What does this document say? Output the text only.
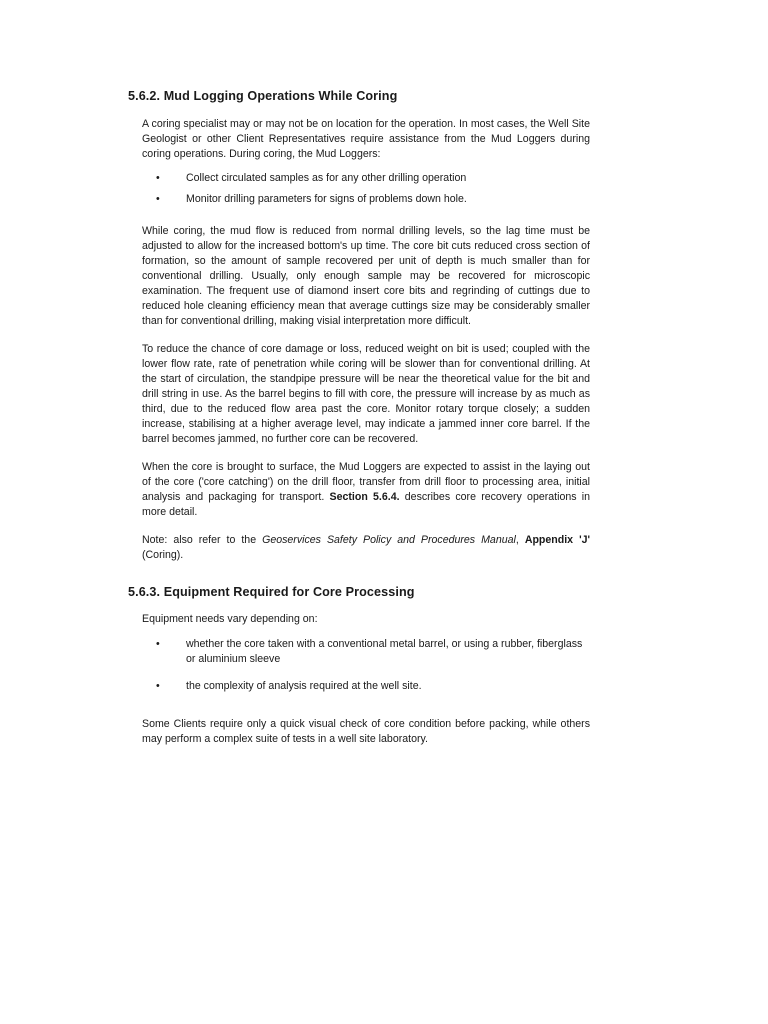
5.6.2. Mud Logging Operations While Coring
A coring specialist may or may not be on location for the operation. In most cases, the Well Site Geologist or other Client Representatives require assistance from the Mud Loggers during coring operations. During coring, the Mud Loggers:
• Collect circulated samples as for any other drilling operation
• Monitor drilling parameters for signs of problems down hole.
While coring, the mud flow is reduced from normal drilling levels, so the lag time must be adjusted to allow for the increased bottom's up time. The core bit cuts reduced cross section of formation, so the amount of sample recovered per unit of depth is much smaller than for conventional drilling. Usually, only enough sample may be recovered for microscopic examination. The frequent use of diamond insert core bits and regrinding of cuttings due to reduced hole cleaning efficiency mean that average cuttings size may be considerably smaller than for conventional drilling, making visial interpretation more difficult.
To reduce the chance of core damage or loss, reduced weight on bit is used; coupled with the lower flow rate, rate of penetration while coring will be slower than for conventional drilling. At the start of circulation, the standpipe pressure will be near the theoretical value for the bit and drill string in use. As the barrel begins to fill with core, the pressure will increase by as much as third, due to the reduced flow area past the core. Monitor rotary torque closely; a sudden increase, stabilising at a higher average level, may indicate a jammed inner core barrel. If the barrel becomes jammed, no further core can be recovered.
When the core is brought to surface, the Mud Loggers are expected to assist in the laying out of the core ('core catching') on the drill floor, transfer from drill floor to processing area, initial analysis and packaging for transport. Section 5.6.4. describes core recovery operations in more detail.
Note: also refer to the Geoservices Safety Policy and Procedures Manual, Appendix 'J' (Coring).
5.6.3. Equipment Required for Core Processing
Equipment needs vary depending on:
• whether the core taken with a conventional metal barrel, or using a rubber, fiberglass or aluminium sleeve
• the complexity of analysis required at the well site.
Some Clients require only a quick visual check of core condition before packing, while others may perform a complex suite of tests in a well site laboratory.
